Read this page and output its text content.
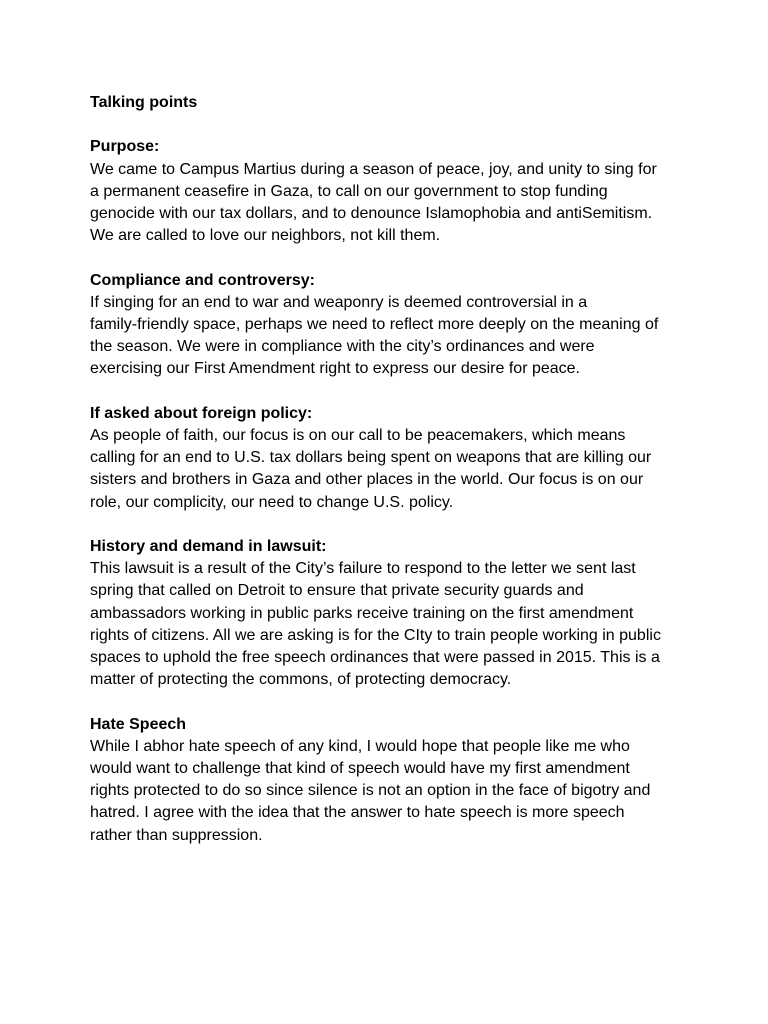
Talking points

Purpose:

We came to Campus Martius during a season of peace, joy, and unity to sing for
a permanent ceasefire in Gaza, to call on our government to stop funding
genocide with our tax dollars, and to denounce Islamophobia and antiSemitism.
We are called to love our neighbors, not kill them.

Compliance and controversy:

If singing for an end to war and weaponry is deemed controversial in a
family-friendly space, perhaps we need to reflect more deeply on the meaning of
the season. We were in compliance with the city’s ordinances and were
exercising our First Amendment right to express our desire for peace.

If asked about foreign policy:

As people of faith, our focus is on our call to be peacemakers, which means
calling for an end to U.S. tax dollars being spent on weapons that are killing our
sisters and brothers in Gaza and other places in the world. Our focus is on our
role, our complicity, our need to change U.S. policy.

History and demand in lawsuit:

This lawsuit is a result of the City’s failure to respond to the letter we sent last
spring that called on Detroit to ensure that private security guards and
ambassadors working in public parks receive training on the first amendment
rights of citizens. All we are asking is for the CIty to train people working in public
spaces to uphold the free speech ordinances that were passed in 2015. This is a
matter of protecting the commons, of protecting democracy.

Hate Speech

While I abhor hate speech of any kind, I would hope that people like me who
would want to challenge that kind of speech would have my first amendment
rights protected to do so since silence is not an option in the face of bigotry and
hatred. I agree with the idea that the answer to hate speech is more speech
rather than suppression.
